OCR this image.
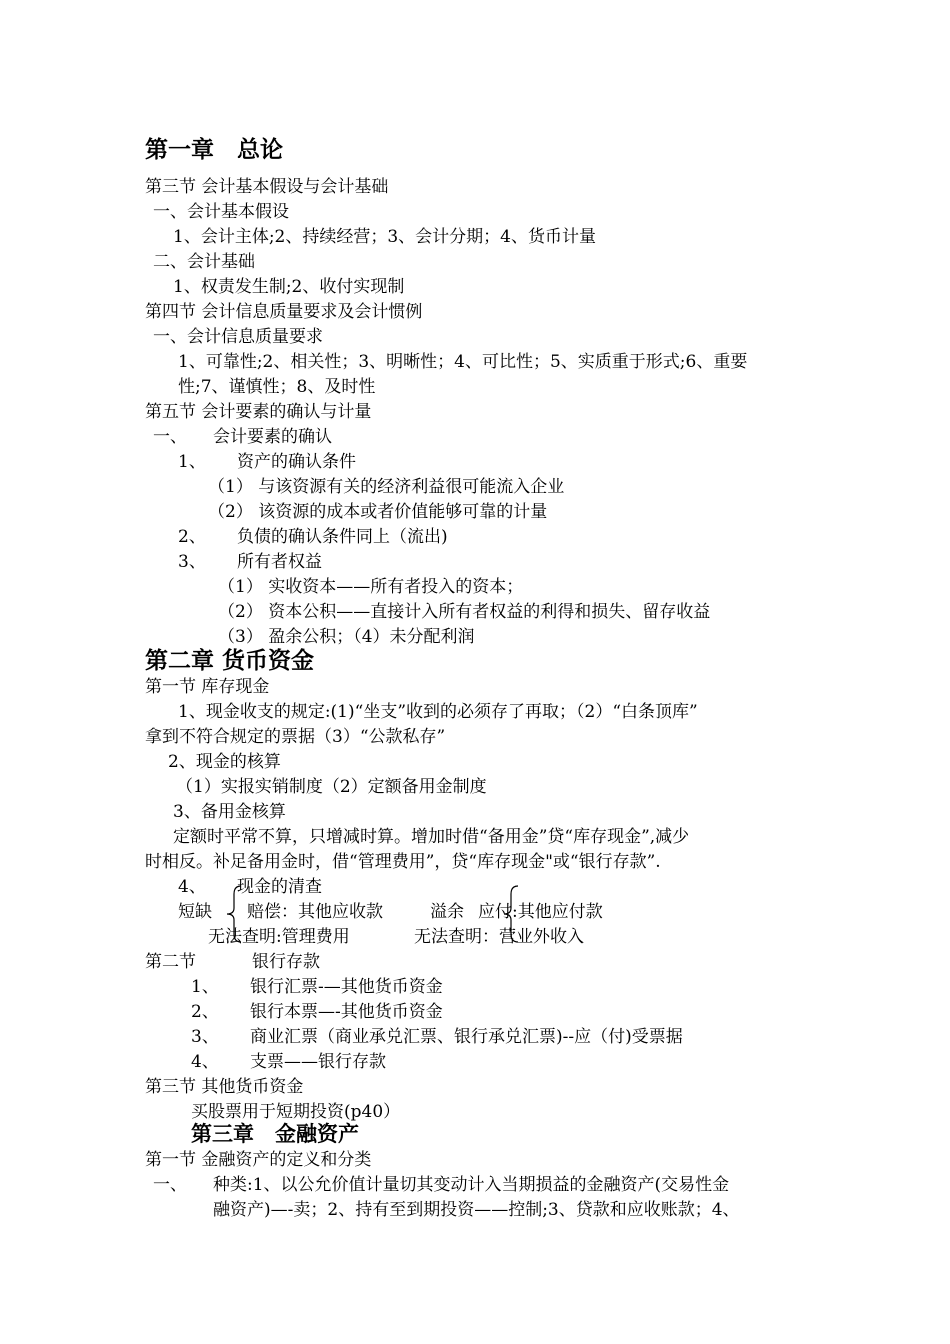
第一章　总论
第三节 会计基本假设与会计基础
一、会计基本假设
1、会计主体;2、持续经营；3、会计分期；4、货币计量
二、会计基础
1、权责发生制;2、收付实现制
第四节 会计信息质量要求及会计惯例
一、会计信息质量要求
1、可靠性;2、相关性；3、明晰性；4、可比性；5、实质重于形式;6、重要
性;7、谨慎性；8、及时性
第五节 会计要素的确认与计量
一、 会计要素的确认
1、 资产的确认条件
（1） 与该资源有关的经济利益很可能流入企业
（2） 该资源的成本或者价值能够可靠的计量
2、 负债的确认条件同上（流出)
3、 所有者权益
（1） 实收资本——所有者投入的资本；
（2） 资本公积——直接计入所有者权益的利得和损失、留存收益
（3） 盈余公积；（4）未分配利润
第二章 货币资金
第一节 库存现金
1、现金收支的规定:(1)“坐支”收到的必须存了再取；（2）“白条顶库”
拿到不符合规定的票据（3）“公款私存”
2、现金的核算
（1）实报实销制度（2）定额备用金制度
3、备用金核算
定额时平常不算，只增减时算。增加时借“备用金”贷“库存现金”,减少
时相反。补足备用金时，借“管理费用”，贷“库存现金"或“银行存款”.
4、 现金的清查
短缺 赔偿：其他应收款	溢余 应付:其他应付款
无法查明:管理费用	无法查明：营业外收入
第二节	银行存款
1、 银行汇票-—其他货币资金
2、 银行本票—-其他货币资金
3、 商业汇票（商业承兑汇票、银行承兑汇票)--应（付)受票据
4、 支票——银行存款
第三节 其他货币资金
买股票用于短期投资(p40）
第三章　金融资产
第一节 金融资产的定义和分类
一、 种类:1、以公允价值计量切其变动计入当期损益的金融资产(交易性金
融资产)—-卖；2、持有至到期投资——控制;3、贷款和应收账款；4、
